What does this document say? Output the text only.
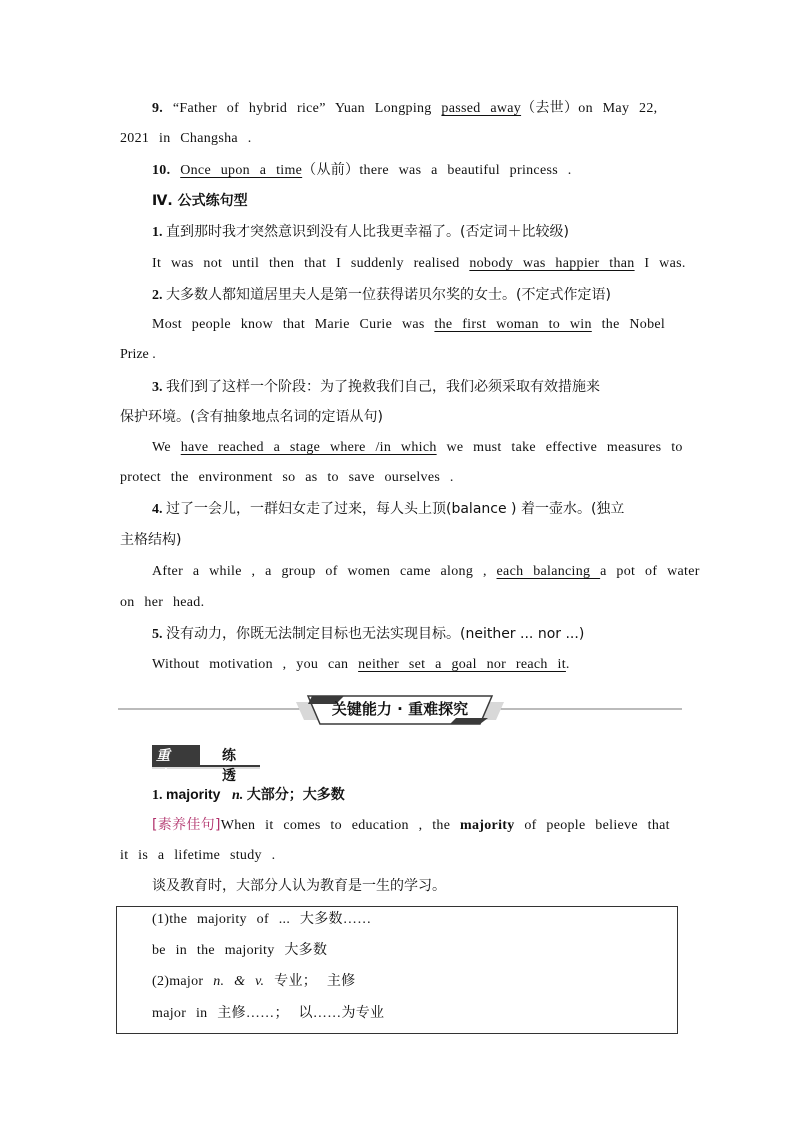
9. “Father of hybrid rice” Yuan Longping passed away（去世）on May 22,
2021 in Changsha .
10. Once upon a time（从前）there was a beautiful princess .
Ⅳ. 公式练句型
1. 直到那时我才突然意识到没有人比我更幸福了。(否定词＋比较级)
It was not until then that I suddenly realised nobody was happier than I was.
2. 大多数人都知道居里夫人是第一位获得诺贝尔奖的女士。(不定式作定语)
Most people know that Marie Curie was the first woman to win the Nobel
Prize .
3. 我们到了这样一个阶段：为了挽救我们自己，我们必须采取有效措施来
保护环境。(含有抽象地点名词的定语从句)
We have reached a stage where /in which we must take effective measures to
protect the environment so as to save ourselves .
4. 过了一会儿，一群妇女走了过来，每人头上顶(balance ) 着一壶水。(独立
主格结构)
After a while , a group of women came along , each balancing a pot of water
on her head.
5. 没有动力，你既无法制定目标也无法实现目标。(neither ... nor ...)
Without motivation , you can neither set a goal nor reach it.
关键能力 · 重难探究
重点
练透
1. majority n. 大部分；大多数
[素养佳句]When it comes to education , the majority of people believe that
it is a lifetime study .
谈及教育时，大部分人认为教育是一生的学习。
(1)the majority of ... 大多数……
be in the majority 大多数
(2)major n. & v. 专业； 主修
major in 主修……； 以……为专业
